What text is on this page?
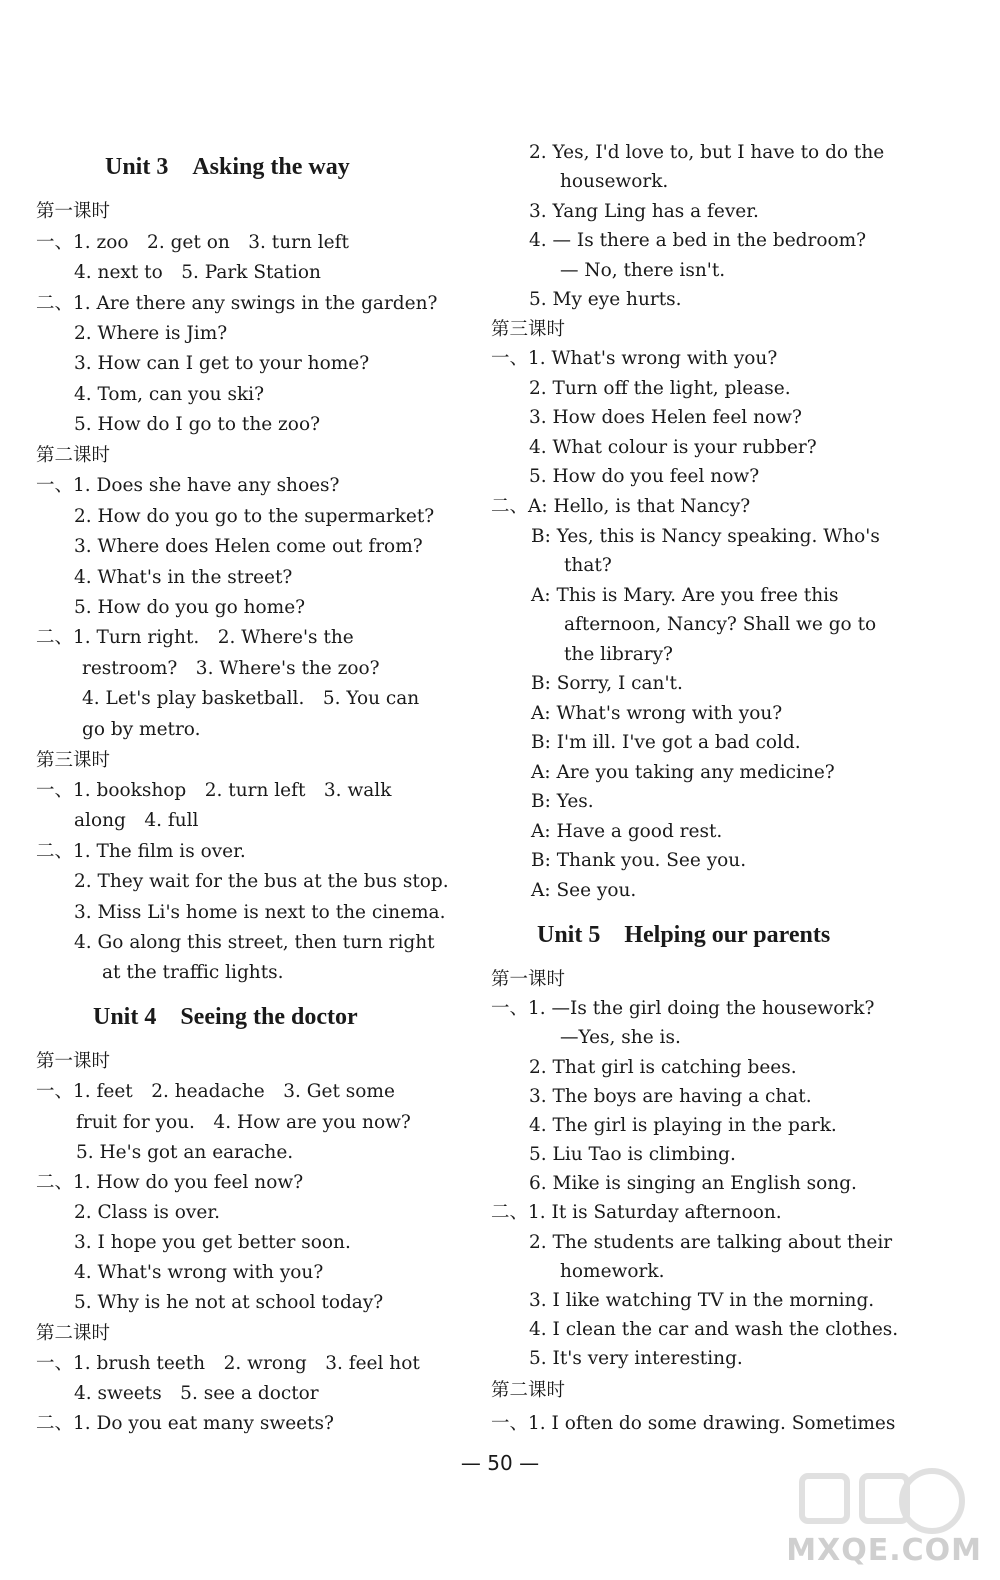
Unit 3　Asking the way
第一课时
一、1. zoo　2. get on　3. turn left
4. next to　5. Park Station
二、1. Are there any swings in the garden?
2. Where is Jim?
3. How can I get to your home?
4. Tom, can you ski?
5. How do I go to the zoo?
第二课时
一、1. Does she have any shoes?
2. How do you go to the supermarket?
3. Where does Helen come out from?
4. What's in the street?
5. How do you go home?
二、1. Turn right.　2. Where's the
restroom?　3. Where's the zoo?
4. Let's play basketball.　5. You can
go by metro.
第三课时
一、1. bookshop　2. turn left　3. walk
along　4. full
二、1. The film is over.
2. They wait for the bus at the bus stop.
3. Miss Li's home is next to the cinema.
4. Go along this street, then turn right
at the traffic lights.
Unit 4　Seeing the doctor
第一课时
一、1. feet　2. headache　3. Get some
fruit for you.　4. How are you now?
5. He's got an earache.
二、1. How do you feel now?
2. Class is over.
3. I hope you get better soon.
4. What's wrong with you?
5. Why is he not at school today?
第二课时
一、1. brush teeth　2. wrong　3. feel hot
4. sweets　5. see a doctor
二、1. Do you eat many sweets?
2. Yes, I'd love to, but I have to do the
housework.
3. Yang Ling has a fever.
4. — Is there a bed in the bedroom?
— No, there isn't.
5. My eye hurts.
第三课时
一、1. What's wrong with you?
2. Turn off the light, please.
3. How does Helen feel now?
4. What colour is your rubber?
5. How do you feel now?
二、A: Hello, is that Nancy?
B: Yes, this is Nancy speaking. Who's
that?
A: This is Mary. Are you free this
afternoon, Nancy? Shall we go to
the library?
B: Sorry, I can't.
A: What's wrong with you?
B: I'm ill. I've got a bad cold.
A: Are you taking any medicine?
B: Yes.
A: Have a good rest.
B: Thank you. See you.
A: See you.
Unit 5　Helping our parents
第一课时
一、1. —Is the girl doing the housework?
—Yes, she is.
2. That girl is catching bees.
3. The boys are having a chat.
4. The girl is playing in the park.
5. Liu Tao is climbing.
6. Mike is singing an English song.
二、1. It is Saturday afternoon.
2. The students are talking about their
homework.
3. I like watching TV in the morning.
4. I clean the car and wash the clothes.
5. It's very interesting.
第二课时
一、1. I often do some drawing. Sometimes
— 50 —
MXQE.COM
